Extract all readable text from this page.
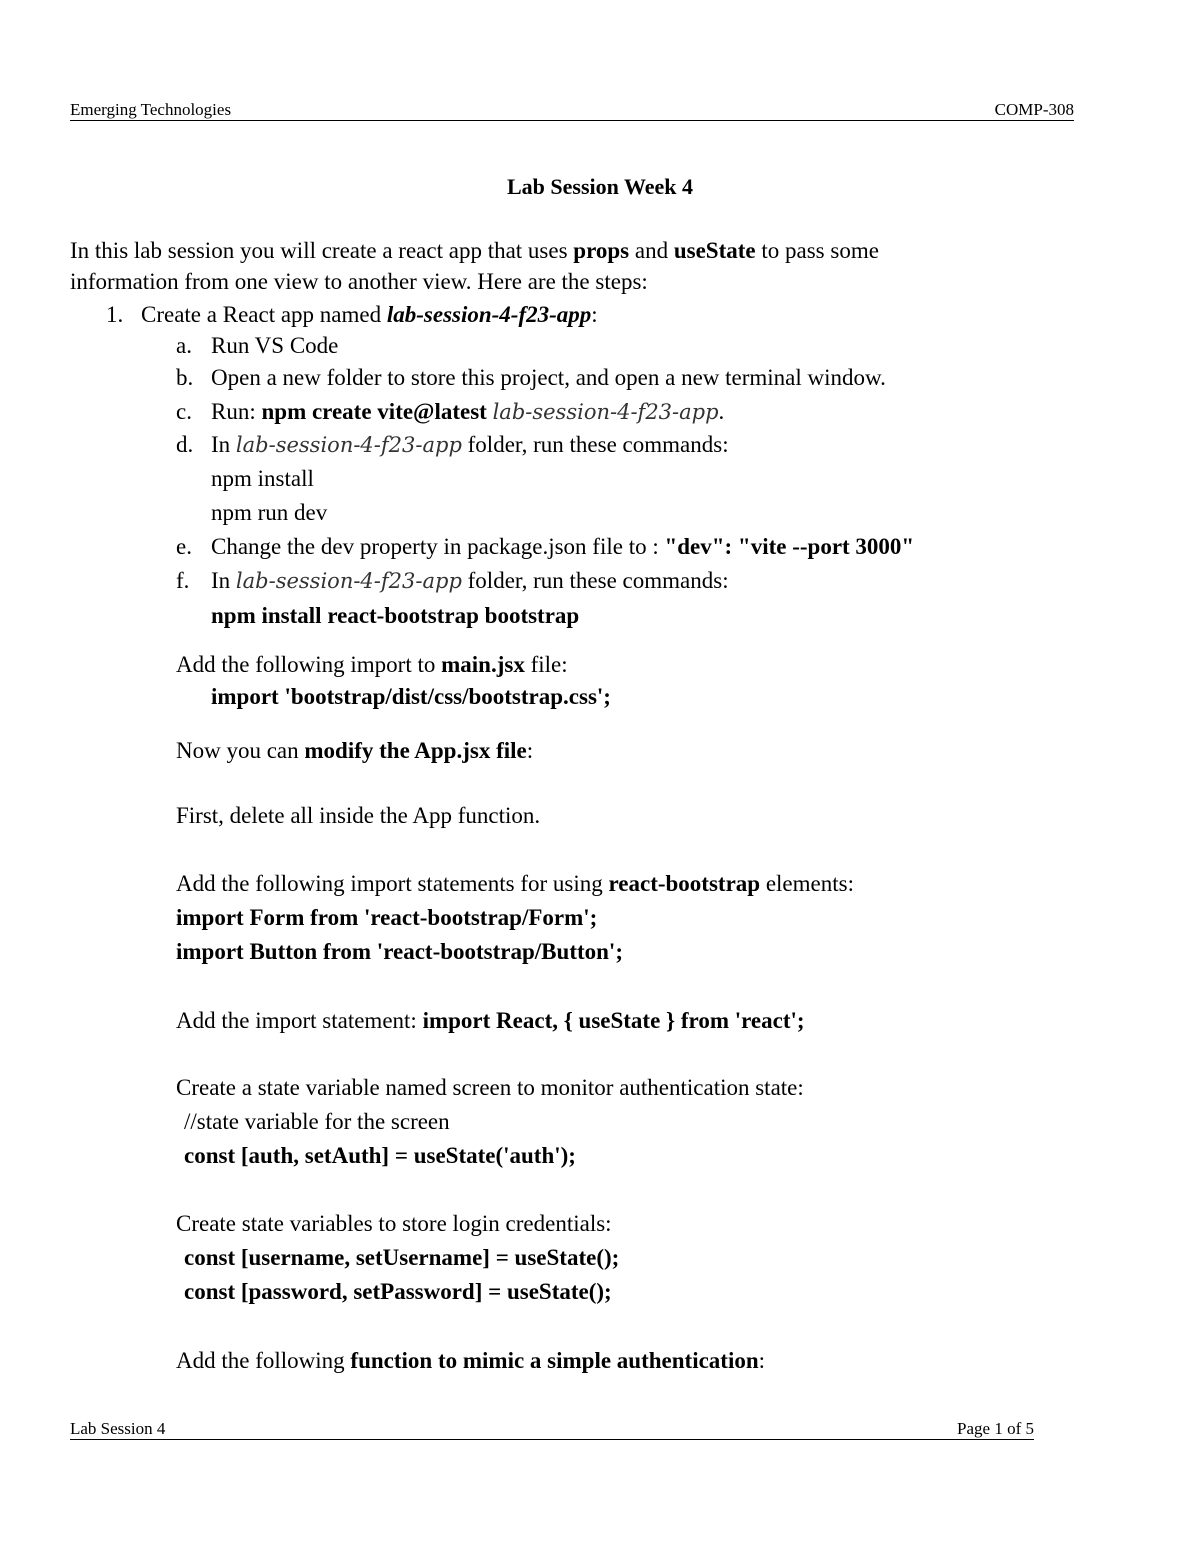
Emerging Technologies	COMP-308
Lab Session Week 4
In this lab session you will create a react app that uses props and useState to pass some
information from one view to another view. Here are the steps:
1. Create a React app named lab-session-4-f23-app:
a. Run VS Code
b. Open a new folder to store this project, and open a new terminal window.
c. Run: npm create vite@latest lab-session-4-f23-app.
d. In lab-session-4-f23-app folder, run these commands:
npm install
npm run dev
e. Change the dev property in package.json file to : "dev": "vite --port 3000"
f. In lab-session-4-f23-app folder, run these commands:
npm install react-bootstrap bootstrap
Add the following import to main.jsx file:
import 'bootstrap/dist/css/bootstrap.css';
Now you can modify the App.jsx file:
First, delete all inside the App function.
Add the following import statements for using react-bootstrap elements:
import Form from 'react-bootstrap/Form';
import Button from 'react-bootstrap/Button';
Add the import statement: import React, { useState } from 'react';
Create a state variable named screen to monitor authentication state:
//state variable for the screen
const [auth, setAuth] = useState('auth');
Create state variables to store login credentials:
const [username, setUsername] = useState();
const [password, setPassword] = useState();
Add the following function to mimic a simple authentication:
Lab Session 4	Page 1 of 5
